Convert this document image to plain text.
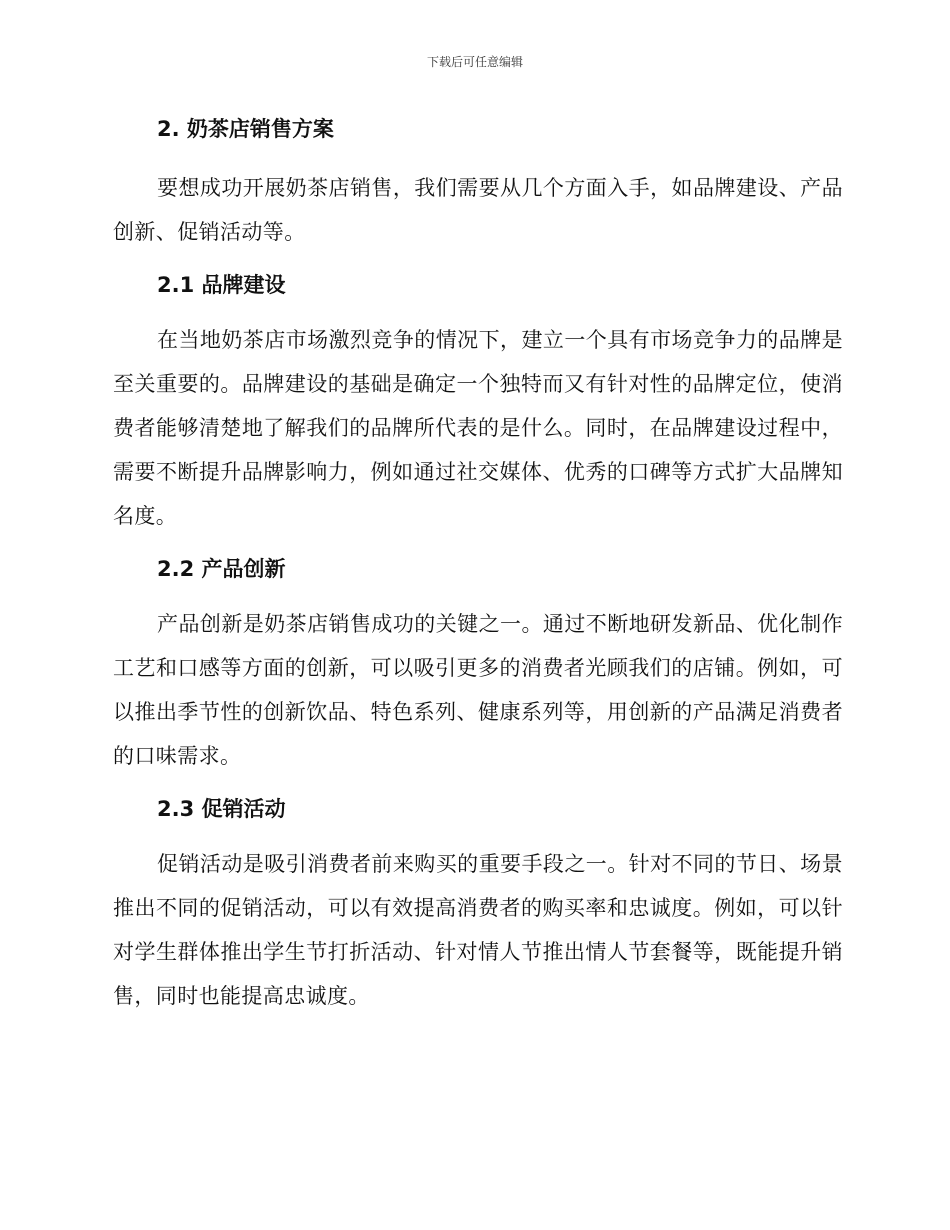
下载后可任意编辑
2. 奶茶店销售方案

要想成功开展奶茶店销售，我们需要从几个方面入手，如品牌建设、产品创新、促销活动等。

2.1 品牌建设

在当地奶茶店市场激烈竞争的情况下，建立一个具有市场竞争力的品牌是至关重要的。品牌建设的基础是确定一个独特而又有针对性的品牌定位，使消费者能够清楚地了解我们的品牌所代表的是什么。同时，在品牌建设过程中，需要不断提升品牌影响力，例如通过社交媒体、优秀的口碑等方式扩大品牌知名度。

2.2 产品创新

产品创新是奶茶店销售成功的关键之一。通过不断地研发新品、优化制作工艺和口感等方面的创新，可以吸引更多的消费者光顾我们的店铺。例如，可以推出季节性的创新饮品、特色系列、健康系列等，用创新的产品满足消费者的口味需求。

2.3 促销活动

促销活动是吸引消费者前来购买的重要手段之一。针对不同的节日、场景推出不同的促销活动，可以有效提高消费者的购买率和忠诚度。例如，可以针对学生群体推出学生节打折活动、针对情人节推出情人节套餐等，既能提升销售，同时也能提高忠诚度。
